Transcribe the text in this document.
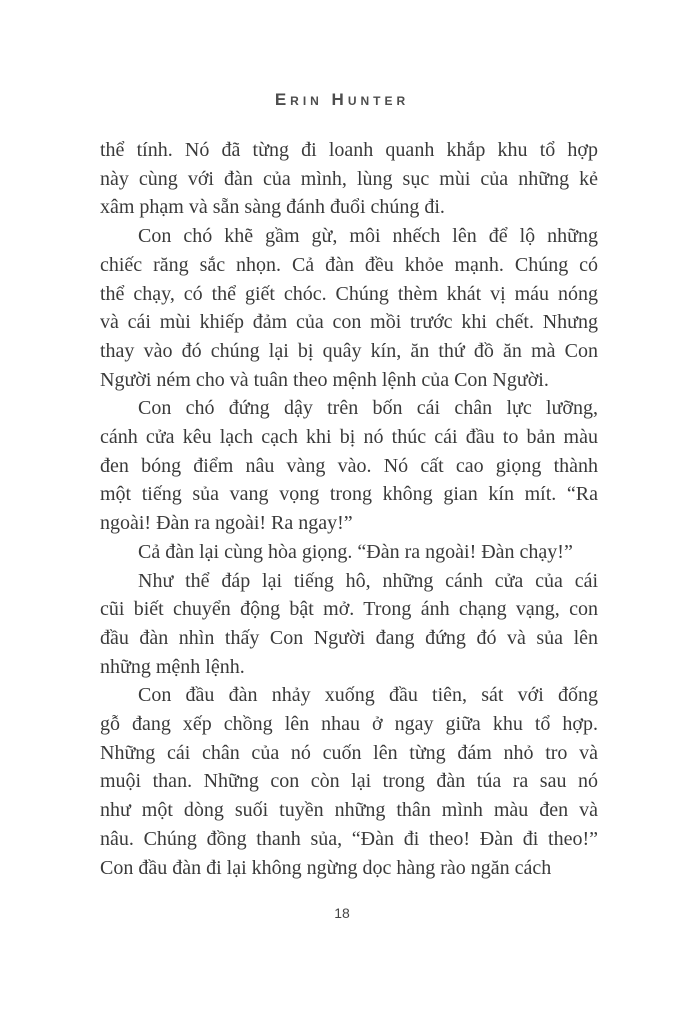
Erin Hunter
thể tính. Nó đã từng đi loanh quanh khắp khu tổ hợp
này cùng với đàn của mình, lùng sục mùi của những kẻ
xâm phạm và sẵn sàng đánh đuổi chúng đi.
Con chó khẽ gầm gừ, môi nhếch lên để lộ những
chiếc răng sắc nhọn. Cả đàn đều khỏe mạnh. Chúng có
thể chạy, có thể giết chóc. Chúng thèm khát vị máu nóng
và cái mùi khiếp đảm của con mồi trước khi chết. Nhưng
thay vào đó chúng lại bị quây kín, ăn thứ đồ ăn mà Con
Người ném cho và tuân theo mệnh lệnh của Con Người.
Con chó đứng dậy trên bốn cái chân lực lưỡng,
cánh cửa kêu lạch cạch khi bị nó thúc cái đầu to bản màu
đen bóng điểm nâu vàng vào. Nó cất cao giọng thành
một tiếng sủa vang vọng trong không gian kín mít. “Ra
ngoài! Đàn ra ngoài! Ra ngay!”
Cả đàn lại cùng hòa giọng. “Đàn ra ngoài! Đàn chạy!”
Như thể đáp lại tiếng hô, những cánh cửa của cái
cũi biết chuyển động bật mở. Trong ánh chạng vạng, con
đầu đàn nhìn thấy Con Người đang đứng đó và sủa lên
những mệnh lệnh.
Con đầu đàn nhảy xuống đầu tiên, sát với đống
gỗ đang xếp chồng lên nhau ở ngay giữa khu tổ hợp.
Những cái chân của nó cuốn lên từng đám nhỏ tro và
muội than. Những con còn lại trong đàn túa ra sau nó
như một dòng suối tuyền những thân mình màu đen và
nâu. Chúng đồng thanh sủa, “Đàn đi theo! Đàn đi theo!”
Con đầu đàn đi lại không ngừng dọc hàng rào ngăn cách
18
